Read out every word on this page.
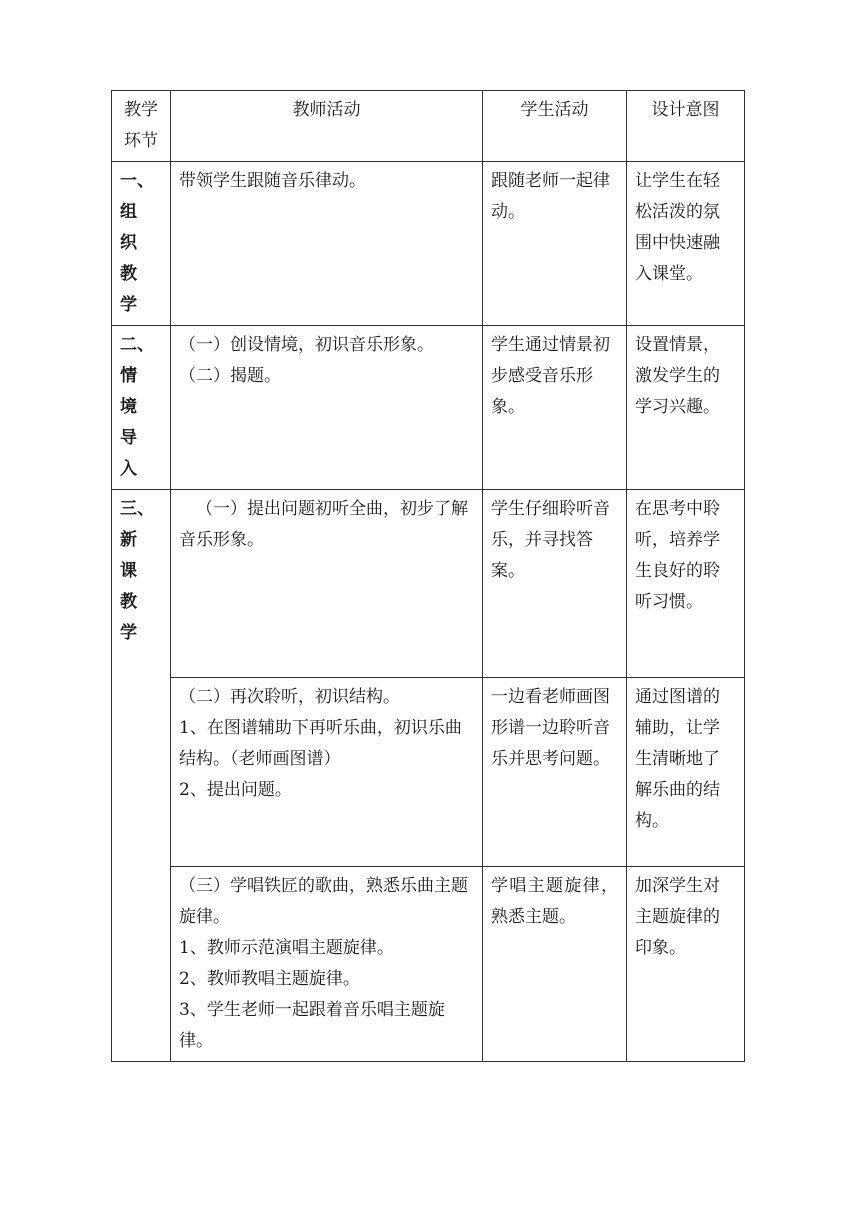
教学环节	教师活动	学生活动	设计意图

一、
组
织
教
学	带领学生跟随音乐律动。	跟随老师一起律动。	让学生在轻松活泼的氛围中快速融入课堂。

二、
情
境
导
入	（一）创设情境，初识音乐形象。
（二）揭题。	学生通过情景初步感受音乐形象。	设置情景，激发学生的学习兴趣。

三、
新
课
教
学	（一）提出问题初听全曲，初步了解音乐形象。	学生仔细聆听音乐，并寻找答案。	在思考中聆听，培养学生良好的聆听习惯。

	（二）再次聆听，初识结构。
1、在图谱辅助下再听乐曲，初识乐曲结构。（老师画图谱）
2、提出问题。	一边看老师画图形谱一边聆听音乐并思考问题。	通过图谱的辅助，让学生清晰地了解乐曲的结构。

	（三）学唱铁匠的歌曲，熟悉乐曲主题旋律。
1、教师示范演唱主题旋律。
2、教师教唱主题旋律。
3、学生老师一起跟着音乐唱主题旋律。	学唱主题旋律，熟悉主题。	加深学生对主题旋律的印象。
